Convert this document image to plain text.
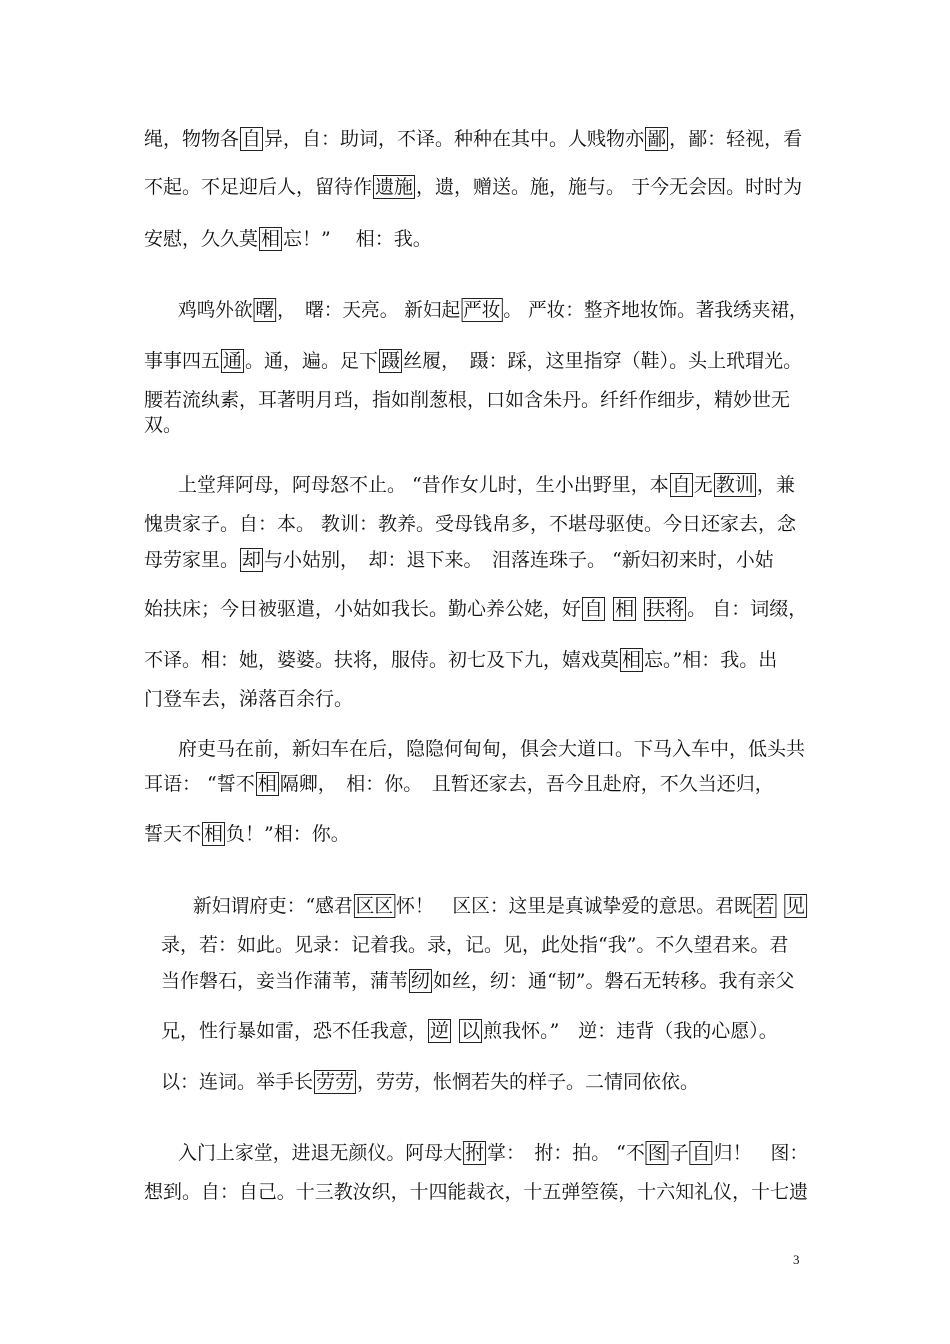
绳，物物各 自 异，自：助词，不译。种种在其中。人贱物亦 鄙 ，鄙：轻视，看
不起。不足迎后人，留待作 遗施 ，遗，赠送。施，施与。 于今无会因。时时为
安慰，久久莫 相 忘！”　 相：我。
鸡鸣外欲 曙 ，　曙：天亮。 新妇起 严妆 。 严妆：整齐地妆饰。著我绣夹裙，
事事四五 通 。通，遍。足下 蹑 丝履，　蹑：踩，这里指穿（鞋）。头上玳瑁光。
腰若流纨素，耳著明月珰，指如削葱根，口如含朱丹。纤纤作细步，精妙世无
双。
上堂拜阿母，阿母怒不止。 “昔作女儿时，生小出野里，本 自 无 教训 ，兼
愧贵家子。自：本。 教训：教养。受母钱帛多，不堪母驱使。今日还家去，念
母劳家里。 却 与小姑别，　却：退下来。　泪落连珠子。 “新妇初来时，小姑
始扶床；今日被驱遣，小姑如我长。勤心养公姥，好 自 相 扶将 。 自：词缀，
不译。相：她，婆婆。扶将，服侍。初七及下九，嬉戏莫 相 忘。”相：我。出
门登车去，涕落百余行。
府吏马在前，新妇车在后，隐隐何甸甸，俱会大道口。下马入车中，低头共
耳语： “誓不 相 隔卿，　相：你。　且暂还家去，吾今且赴府，不久当还归，
誓天不 相 负！”相：你。
新妇谓府吏：“感君 区区 怀！　区区：这里是真诚挚爱的意思。君既 若 见
录，若：如此。见录：记着我。录，记。见，此处指“我”。不久望君来。君
当作磐石，妾当作蒲苇，蒲苇 纫 如丝，纫：通“韧”。磐石无转移。我有亲父
兄，性行暴如雷，恐不任我意， 逆 以 煎我怀。”　逆：违背（我的心愿）。
以：连词。举手长 劳劳 ，劳劳，怅惘若失的样子。二情同依依。
入门上家堂，进退无颜仪。阿母大 拊 掌：　拊：拍。 “不 图 子 自 归！　图：
想到。自：自己。十三教汝织，十四能裁衣，十五弹箜篌，十六知礼仪，十七遗
3
